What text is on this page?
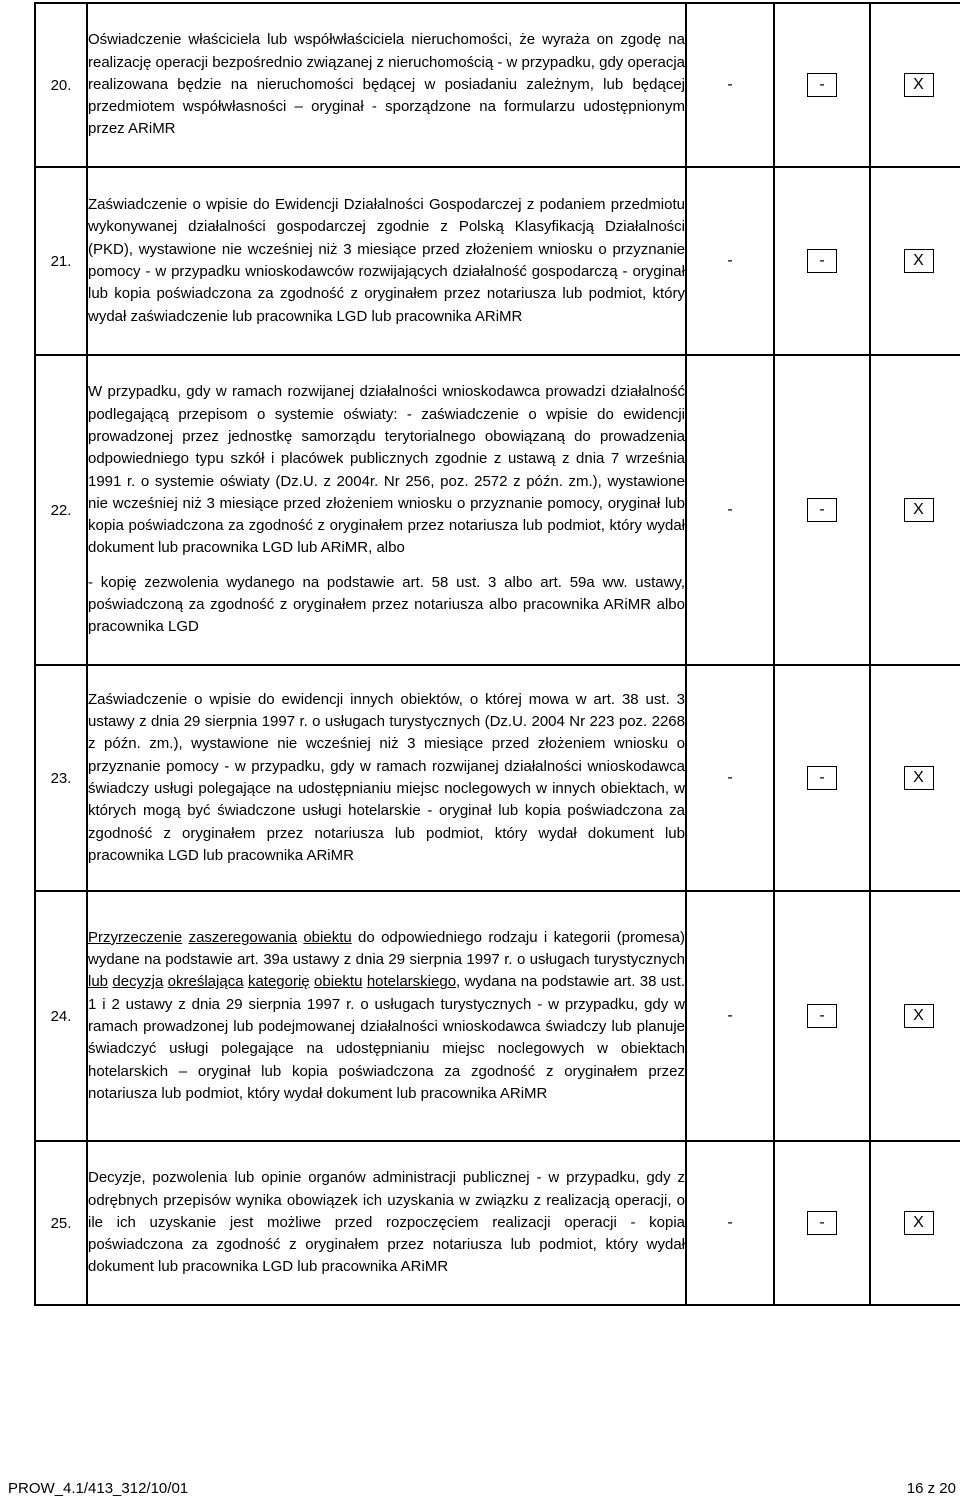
20.	Oświadczenie właściciela lub współwłaściciela nieruchomości, że wyraża on zgodę na realizację operacji bezpośrednio związanej z nieruchomością - w przypadku, gdy operacja realizowana będzie na nieruchomości będącej w posiadaniu zależnym, lub będącej przedmiotem współwłasności – oryginał - sporządzone na formularzu udostępnionym przez ARiMR	-	-	X
21.	Zaświadczenie o wpisie do Ewidencji Działalności Gospodarczej z podaniem przedmiotu wykonywanej działalności gospodarczej zgodnie z Polską Klasyfikacją Działalności (PKD), wystawione nie wcześniej niż 3 miesiące przed złożeniem wniosku o przyznanie pomocy - w przypadku wnioskodawców rozwijających działalność gospodarczą - oryginał lub kopia poświadczona za zgodność z oryginałem przez notariusza lub podmiot, który wydał zaświadczenie lub pracownika LGD lub pracownika ARiMR	-	-	X
22.	W przypadku, gdy w ramach rozwijanej działalności wnioskodawca prowadzi działalność podlegającą przepisom o systemie oświaty: - zaświadczenie o wpisie do ewidencji prowadzonej przez jednostkę samorządu terytorialnego obowiązaną do prowadzenia odpowiedniego typu szkół i placówek publicznych zgodnie z ustawą z dnia 7 września 1991 r. o systemie oświaty (Dz.U. z 2004r. Nr 256, poz. 2572 z późn. zm.), wystawione nie wcześniej niż 3 miesiące przed złożeniem wniosku o przyznanie pomocy, oryginał lub kopia poświadczona za zgodność z oryginałem przez notariusza lub podmiot, który wydał dokument lub pracownika LGD lub ARiMR, albo
- kopię zezwolenia wydanego na podstawie art. 58 ust. 3 albo art. 59a ww. ustawy, poświadczoną za zgodność z oryginałem przez notariusza albo pracownika ARiMR albo pracownika LGD	-	-	X
23.	Zaświadczenie o wpisie do ewidencji innych obiektów, o której mowa w art. 38 ust. 3 ustawy z dnia 29 sierpnia 1997 r. o usługach turystycznych (Dz.U. 2004 Nr 223 poz. 2268 z późn. zm.), wystawione nie wcześniej niż 3 miesiące przed złożeniem wniosku o przyznanie pomocy - w przypadku, gdy w ramach rozwijanej działalności wnioskodawca świadczy usługi polegające na udostępnianiu miejsc noclegowych w innych obiektach, w których mogą być świadczone usługi hotelarskie - oryginał lub kopia poświadczona za zgodność z oryginałem przez notariusza lub podmiot, który wydał dokument lub pracownika LGD lub pracownika ARiMR	-	-	X
24.	Przyrzeczenie zaszeregowania obiektu do odpowiedniego rodzaju i kategorii (promesa) wydane na podstawie art. 39a ustawy z dnia 29 sierpnia 1997 r. o usługach turystycznych lub decyzja określająca kategorię obiektu hotelarskiego, wydana na podstawie art. 38 ust. 1 i 2 ustawy z dnia 29 sierpnia 1997 r. o usługach turystycznych - w przypadku, gdy w ramach prowadzonej lub podejmowanej działalności wnioskodawca świadczy lub planuje świadczyć usługi polegające na udostępnianiu miejsc noclegowych w obiektach hotelarskich – oryginał lub kopia poświadczona za zgodność z oryginałem przez notariusza lub podmiot, który wydał dokument lub pracownika ARiMR	-	-	X
25.	Decyzje, pozwolenia lub opinie organów administracji publicznej - w przypadku, gdy z odrębnych przepisów wynika obowiązek ich uzyskania w związku z realizacją operacji, o ile ich uzyskanie jest możliwe przed rozpoczęciem realizacji operacji - kopia poświadczona za zgodność z oryginałem przez notariusza lub podmiot, który wydał dokument lub pracownika LGD lub pracownika ARiMR	-	-	X
PROW_4.1/413_312/10/01	16 z 20
